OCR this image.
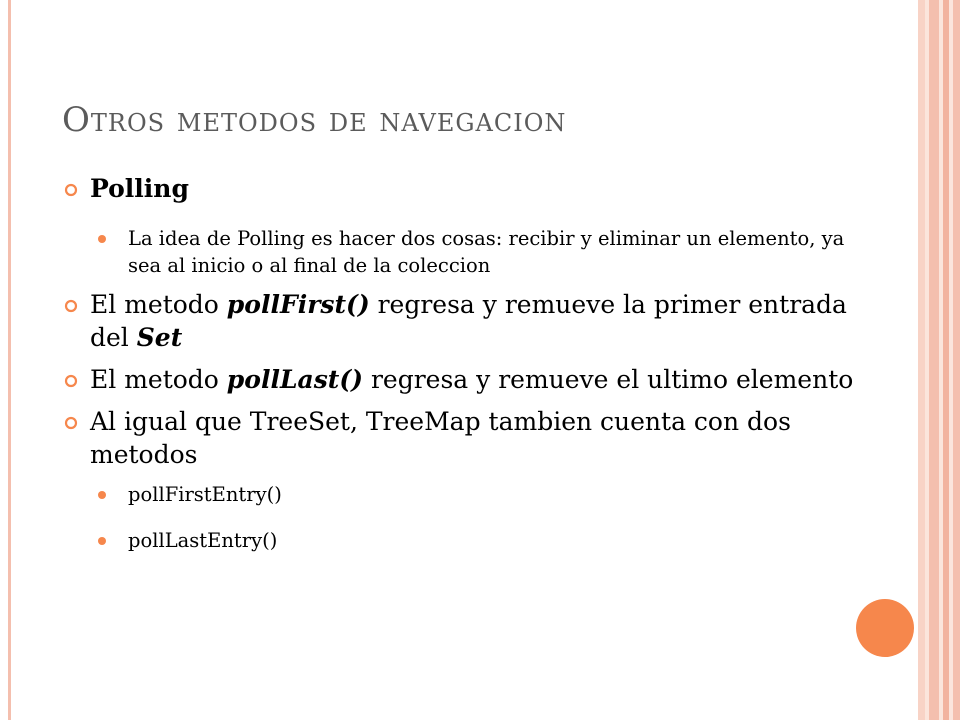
Otros metodos de navegacion

Polling

La idea de Polling es hacer dos cosas: recibir y eliminar un elemento, ya sea al inicio o al final de la coleccion

El metodo pollFirst() regresa y remueve la primer entrada del Set

El metodo pollLast() regresa y remueve el ultimo elemento

Al igual que TreeSet, TreeMap tambien cuenta con dos metodos

pollFirstEntry()

pollLastEntry()
